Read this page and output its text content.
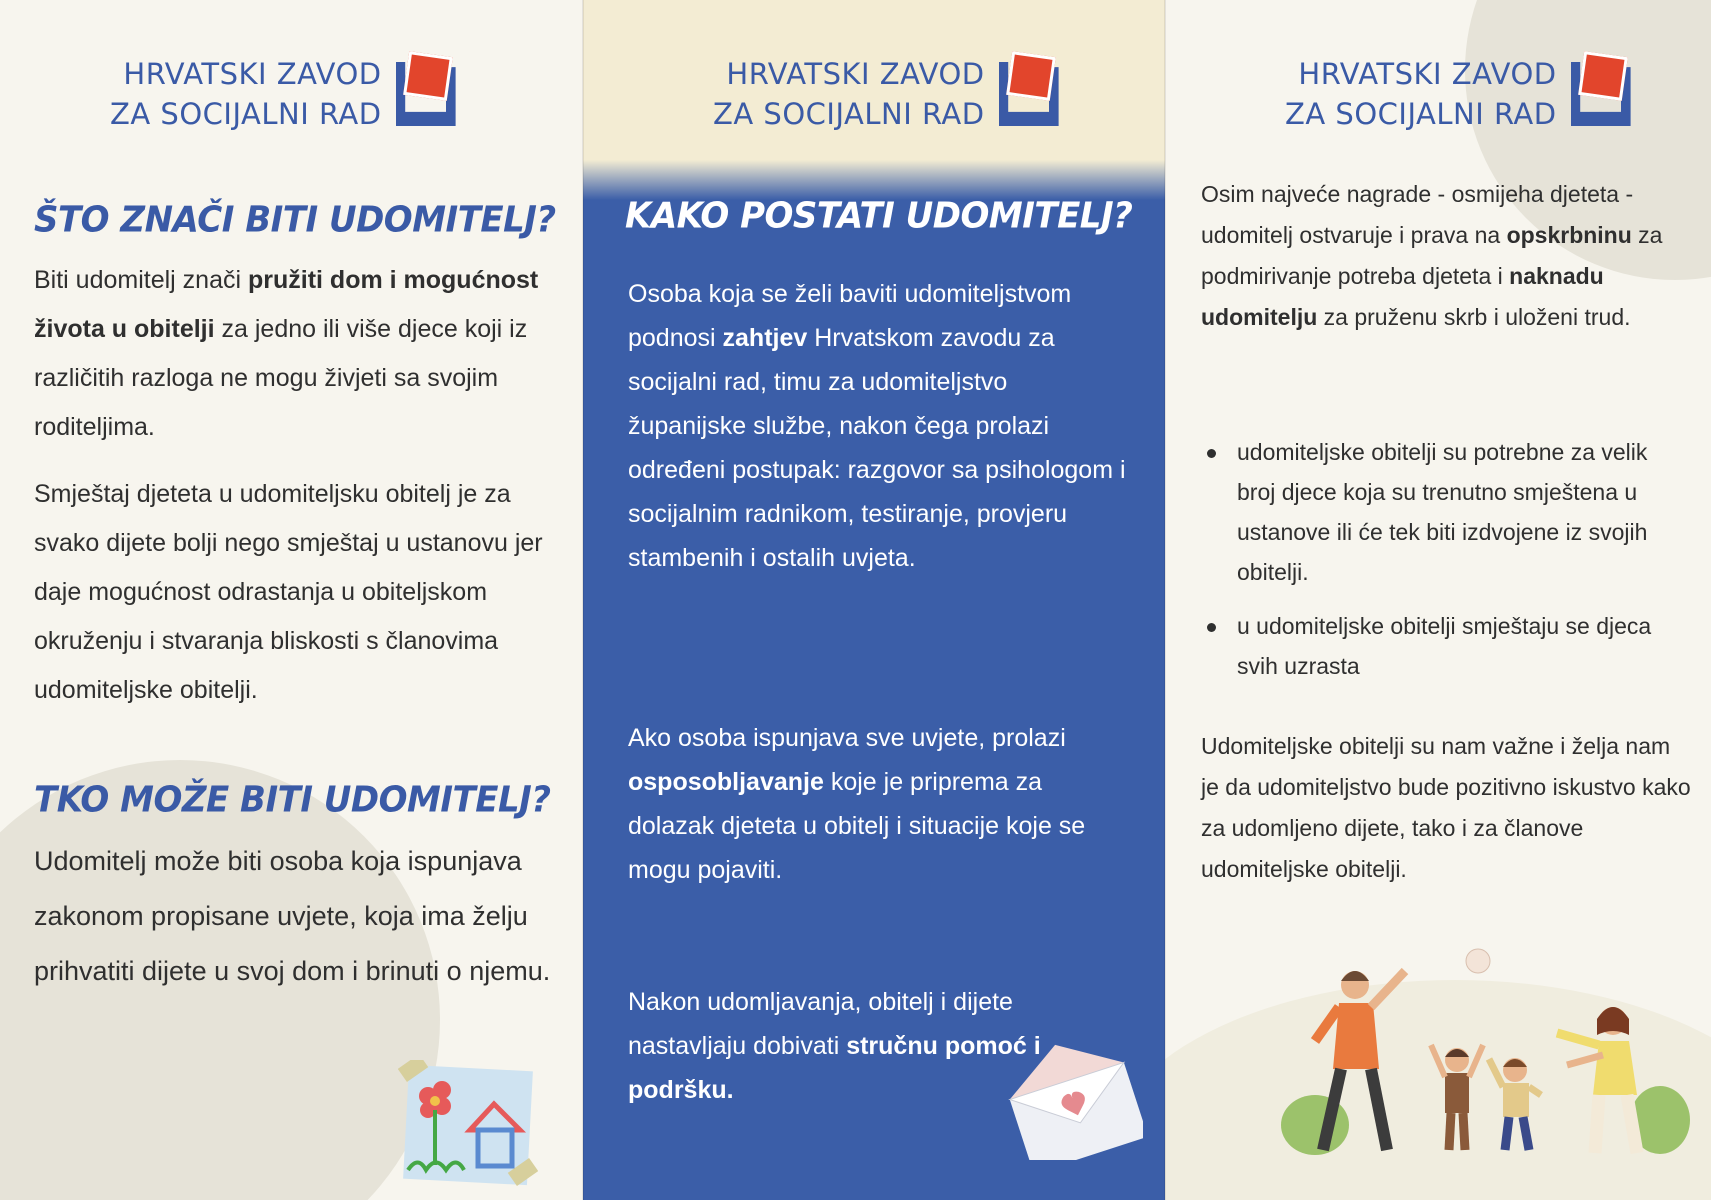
HRVATSKI ZAVOD
ZA SOCIJALNI RAD
ŠTO ZNAČI BITI UDOMITELJ?
Biti udomitelj znači pružiti dom i mogućnost života u obitelji za jedno ili više djece koji iz različitih razloga ne mogu živjeti sa svojim roditeljima.
Smještaj djeteta u udomiteljsku obitelj je za svako dijete bolji nego smještaj u ustanovu jer daje mogućnost odrastanja u obiteljskom okruženju i stvaranja bliskosti s članovima udomiteljske obitelji.
TKO MOŽE BITI UDOMITELJ?
Udomitelj može biti osoba koja ispunjava zakonom propisane uvjete, koja ima želju prihvatiti dijete u svoj dom i brinuti o njemu.
HRVATSKI ZAVOD
ZA SOCIJALNI RAD
KAKO POSTATI UDOMITELJ?
Osoba koja se želi baviti udomiteljstvom podnosi zahtjev Hrvatskom zavodu za socijalni rad, timu za udomiteljstvo županijske službe, nakon čega prolazi određeni postupak: razgovor sa psihologom i socijalnim radnikom, testiranje, provjeru stambenih i ostalih uvjeta.
Ako osoba ispunjava sve uvjete, prolazi osposobljavanje koje je priprema za dolazak djeteta u obitelj i situacije koje se mogu pojaviti.
Nakon udomljavanja, obitelj i dijete nastavljaju dobivati stručnu pomoć i podršku.
HRVATSKI ZAVOD
ZA SOCIJALNI RAD
Osim najveće nagrade - osmijeha djeteta - udomitelj ostvaruje i prava na opskrbninu za podmirivanje potreba djeteta i naknadu udomitelju za pruženu skrb i uloženi trud.
udomiteljske obitelji su potrebne za velik broj djece koja su trenutno smještena u ustanove ili će tek biti izdvojene iz svojih obitelji.
u udomiteljske obitelji smještaju se djeca svih uzrasta
Udomiteljske obitelji su nam važne i želja nam je da udomiteljstvo bude pozitivno iskustvo kako za udomljeno dijete, tako i za članove udomiteljske obitelji.
